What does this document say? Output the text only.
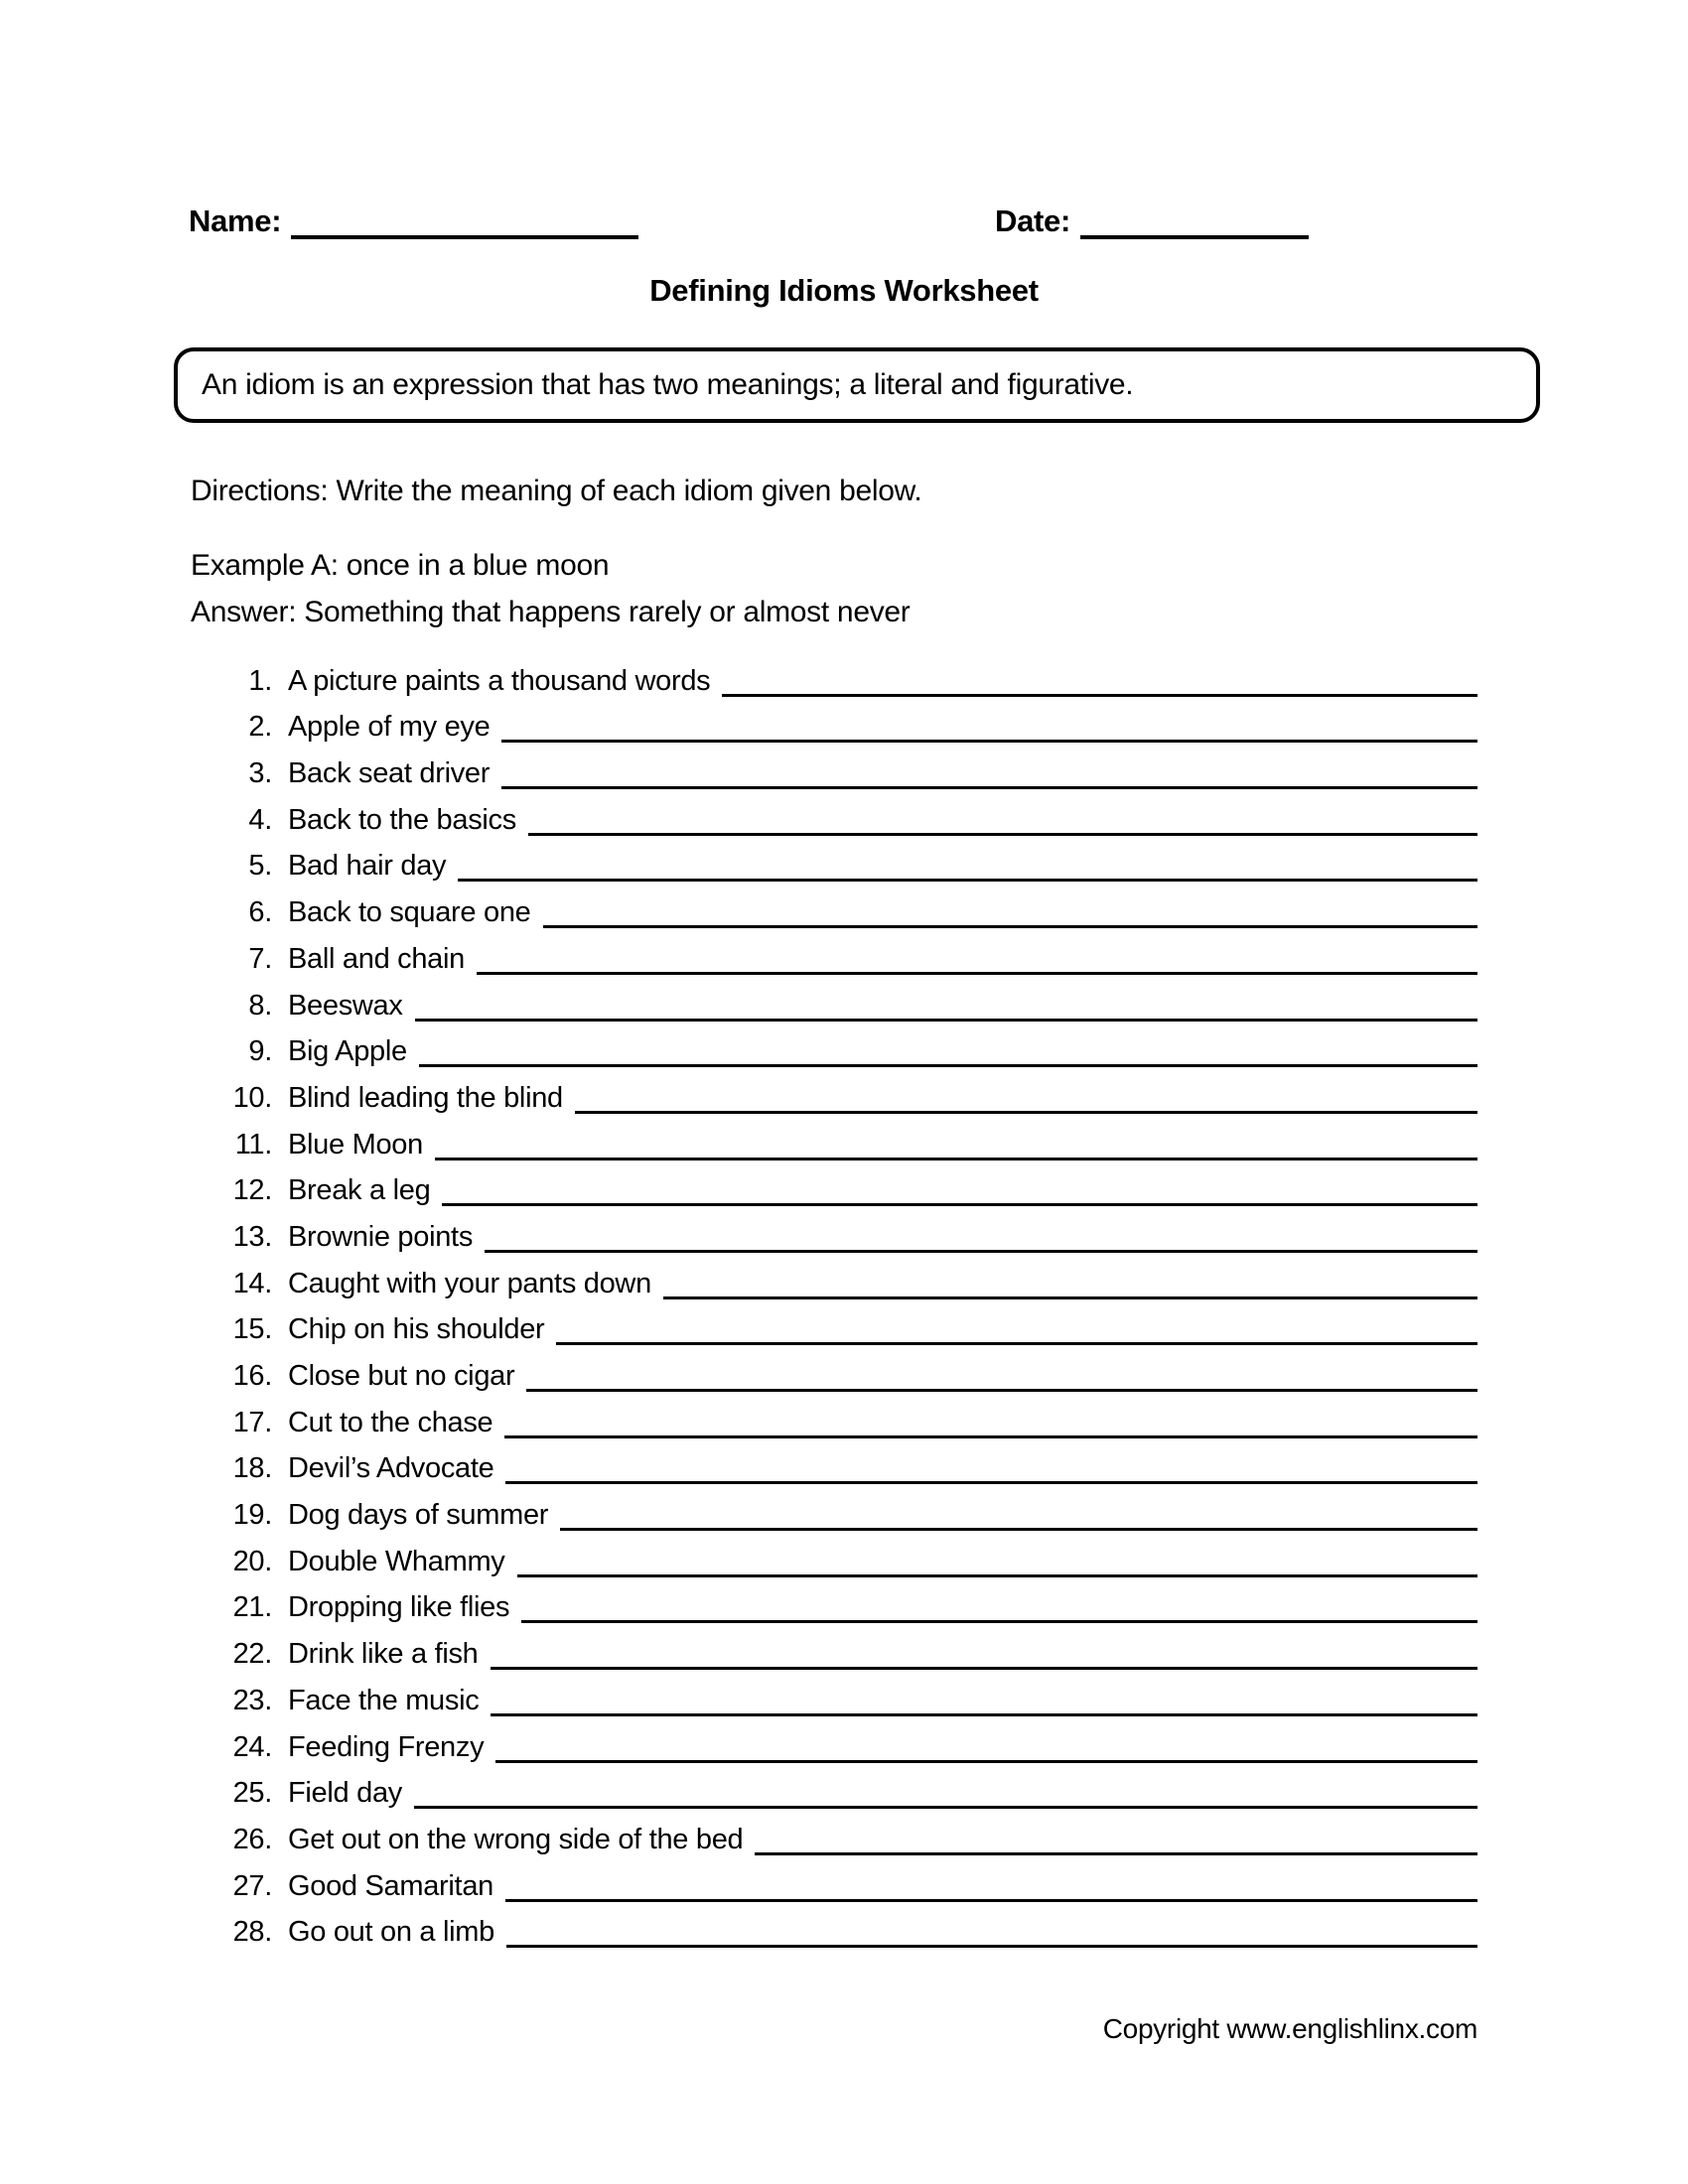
Name:	Date:
Defining Idioms Worksheet
An idiom is an expression that has two meanings; a literal and figurative.
Directions: Write the meaning of each idiom given below.
Example A: once in a blue moon
Answer: Something that happens rarely or almost never
1. A picture paints a thousand words
2. Apple of my eye
3. Back seat driver
4. Back to the basics
5. Bad hair day
6. Back to square one
7. Ball and chain
8. Beeswax
9. Big Apple
10. Blind leading the blind
11. Blue Moon
12. Break a leg
13. Brownie points
14. Caught with your pants down
15. Chip on his shoulder
16. Close but no cigar
17. Cut to the chase
18. Devil’s Advocate
19. Dog days of summer
20. Double Whammy
21. Dropping like flies
22. Drink like a fish
23. Face the music
24. Feeding Frenzy
25. Field day
26. Get out on the wrong side of the bed
27. Good Samaritan
28. Go out on a limb
Copyright www.englishlinx.com
